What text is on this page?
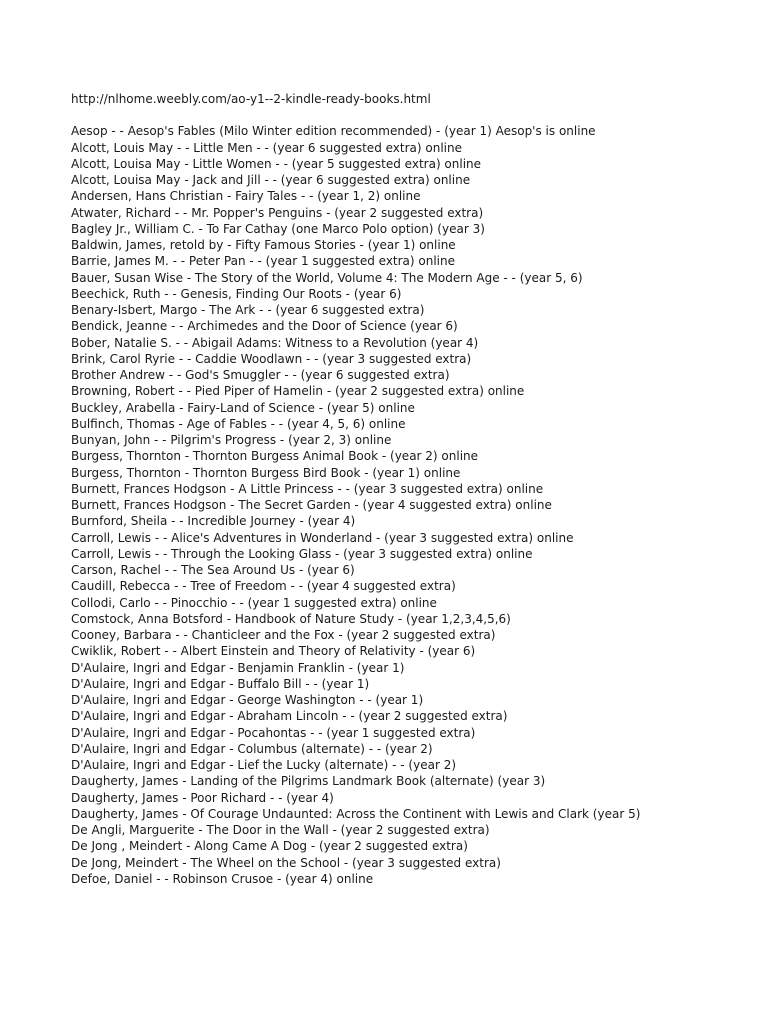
http://nlhome.weebly.com/ao-y1--2-kindle-ready-books.html
Aesop - - Aesop's Fables (Milo Winter edition recommended) - (year 1) Aesop's is online
Alcott, Louis May - - Little Men - - (year 6 suggested extra) online
Alcott, Louisa May - Little Women - - (year 5 suggested extra) online
Alcott, Louisa May - Jack and Jill - - (year 6 suggested extra) online
Andersen, Hans Christian - Fairy Tales - - (year 1, 2) online
Atwater, Richard - - Mr. Popper's Penguins - (year 2 suggested extra)
Bagley Jr., William C. - To Far Cathay (one Marco Polo option) (year 3)
Baldwin, James, retold by - Fifty Famous Stories - (year 1) online
Barrie, James M. - - Peter Pan - - (year 1 suggested extra) online
Bauer, Susan Wise - The Story of the World, Volume 4: The Modern Age - - (year 5, 6)
Beechick, Ruth - - Genesis, Finding Our Roots - (year 6)
Benary-Isbert, Margo - The Ark - - (year 6 suggested extra)
Bendick, Jeanne - - Archimedes and the Door of Science (year 6)
Bober, Natalie S. - - Abigail Adams: Witness to a Revolution (year 4)
Brink, Carol Ryrie - - Caddie Woodlawn - - (year 3 suggested extra)
Brother Andrew - - God's Smuggler - - (year 6 suggested extra)
Browning, Robert - - Pied Piper of Hamelin - (year 2 suggested extra) online
Buckley, Arabella - Fairy-Land of Science - (year 5) online
Bulfinch, Thomas - Age of Fables - - (year 4, 5, 6) online
Bunyan, John - - Pilgrim's Progress - (year 2, 3) online
Burgess, Thornton - Thornton Burgess Animal Book - (year 2) online
Burgess, Thornton - Thornton Burgess Bird Book - (year 1) online
Burnett, Frances Hodgson - A Little Princess - - (year 3 suggested extra) online
Burnett, Frances Hodgson - The Secret Garden - (year 4 suggested extra) online
Burnford, Sheila - - Incredible Journey - (year 4)
Carroll, Lewis - - Alice's Adventures in Wonderland - (year 3 suggested extra) online
Carroll, Lewis - - Through the Looking Glass - (year 3 suggested extra) online
Carson, Rachel - - The Sea Around Us - (year 6)
Caudill, Rebecca - - Tree of Freedom - - (year 4 suggested extra)
Collodi, Carlo - - Pinocchio - - (year 1 suggested extra) online
Comstock, Anna Botsford - Handbook of Nature Study - (year 1,2,3,4,5,6)
Cooney, Barbara - - Chanticleer and the Fox - (year 2 suggested extra)
Cwiklik, Robert - - Albert Einstein and Theory of Relativity - (year 6)
D'Aulaire, Ingri and Edgar - Benjamin Franklin - (year 1)
D'Aulaire, Ingri and Edgar - Buffalo Bill - - (year 1)
D'Aulaire, Ingri and Edgar - George Washington - - (year 1)
D'Aulaire, Ingri and Edgar - Abraham Lincoln - - (year 2 suggested extra)
D'Aulaire, Ingri and Edgar - Pocahontas - - (year 1 suggested extra)
D'Aulaire, Ingri and Edgar - Columbus (alternate) - - (year 2)
D'Aulaire, Ingri and Edgar - Lief the Lucky (alternate) - - (year 2)
Daugherty, James - Landing of the Pilgrims Landmark Book (alternate) (year 3)
Daugherty, James - Poor Richard - - (year 4)
Daugherty, James - Of Courage Undaunted: Across the Continent with Lewis and Clark (year 5)
De Angli, Marguerite - The Door in the Wall - (year 2 suggested extra)
De Jong , Meindert - Along Came A Dog - (year 2 suggested extra)
De Jong, Meindert - The Wheel on the School - (year 3 suggested extra)
Defoe, Daniel - - Robinson Crusoe - (year 4) online
